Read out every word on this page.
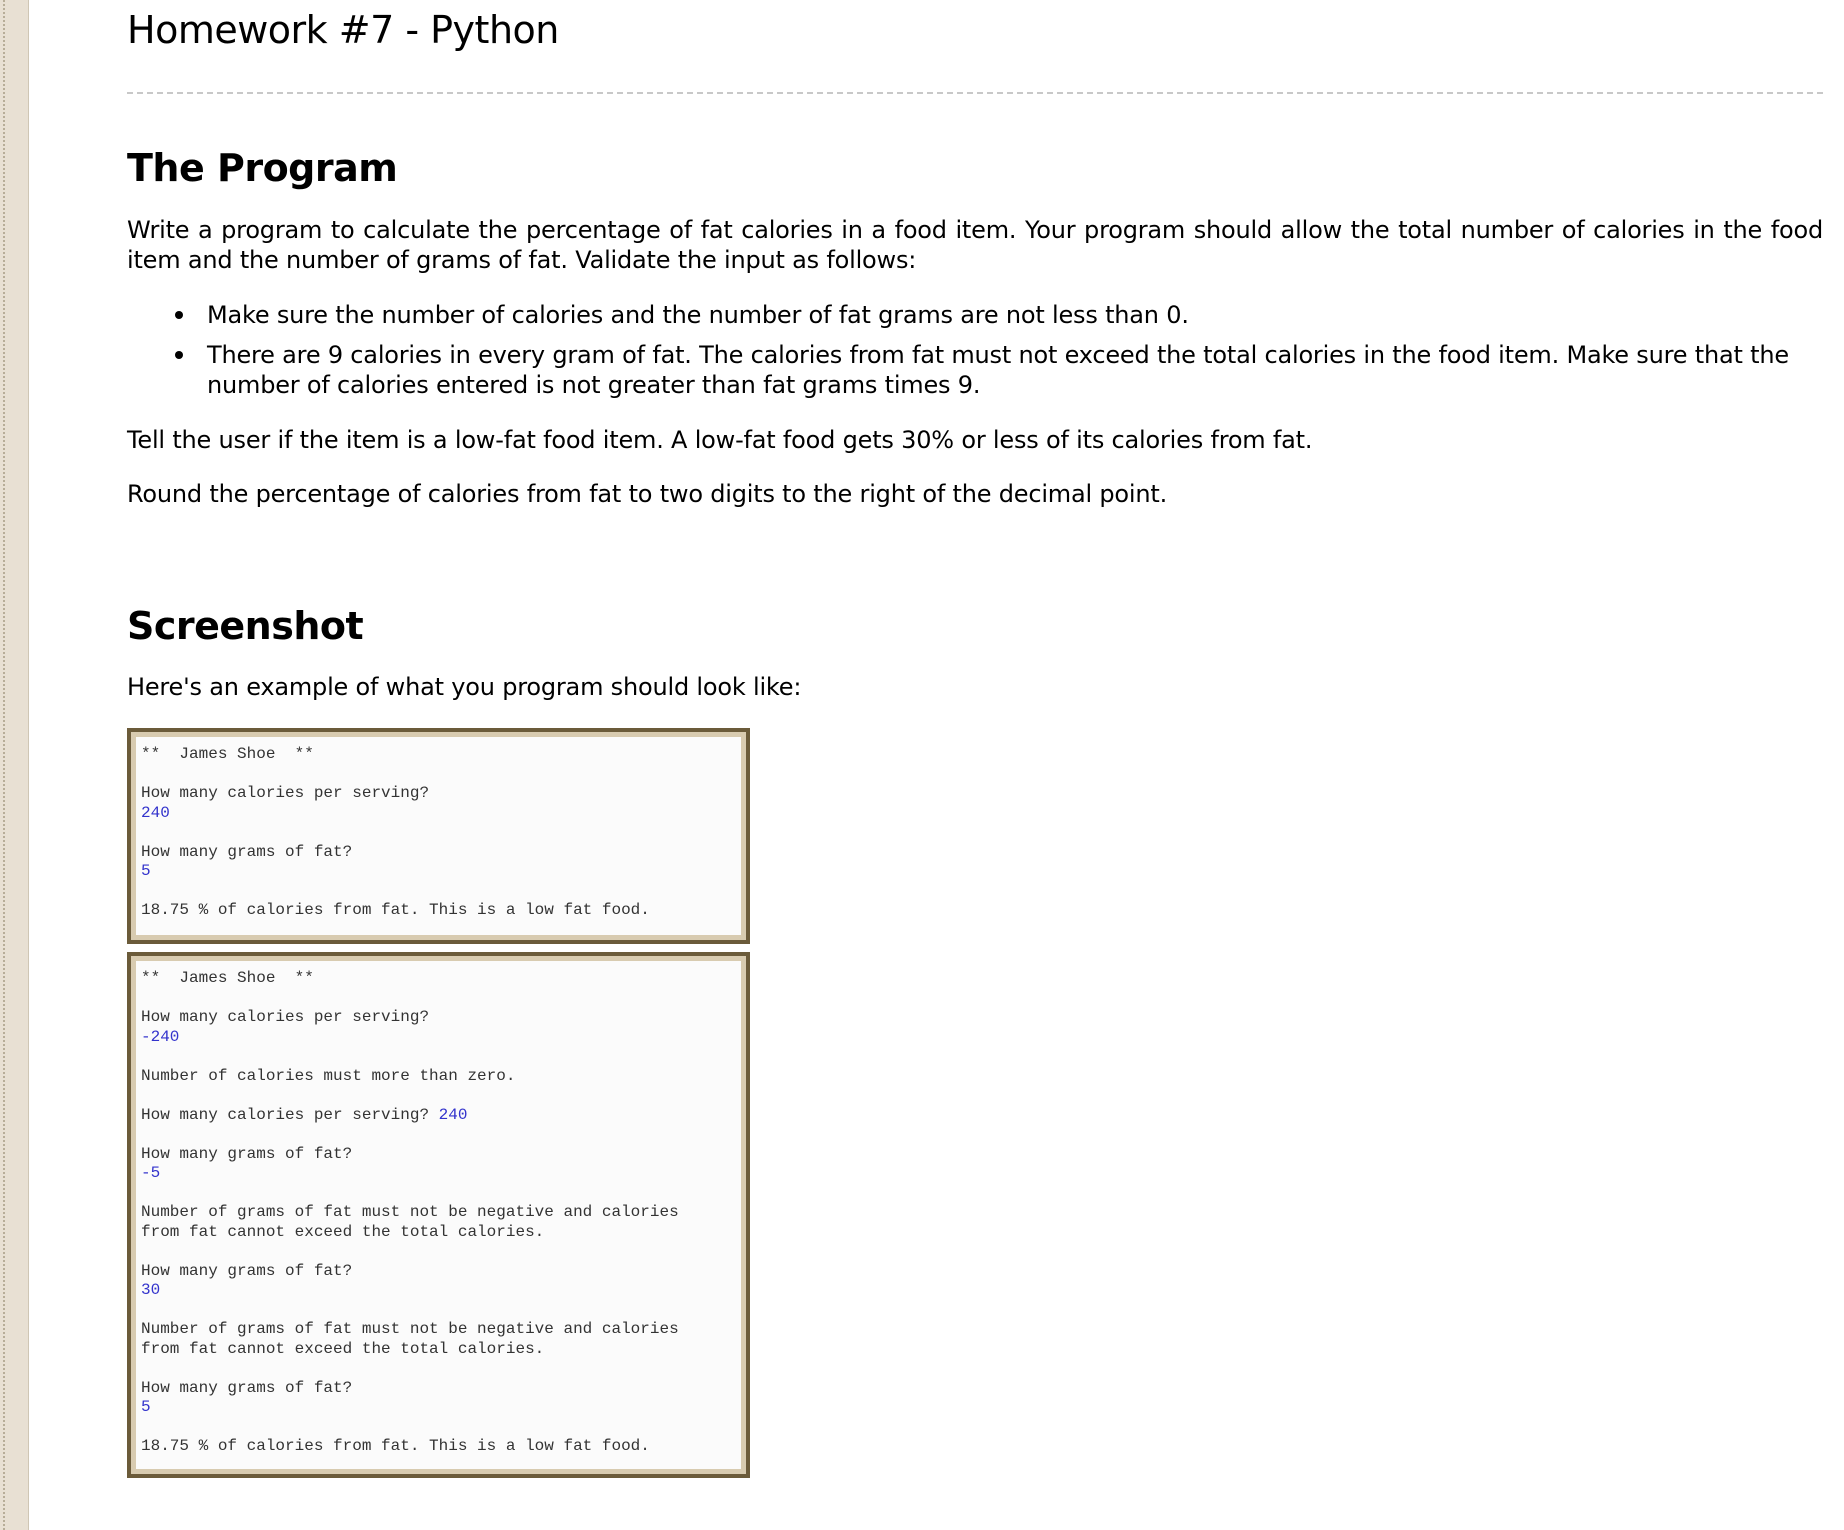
Homework #7 - Python
The Program

Write a program to calculate the percentage of fat calories in a food item. Your program should allow the total number of calories in the food item and the number of grams of fat. Validate the input as follows:

Make sure the number of calories and the number of fat grams are not less than 0.
There are 9 calories in every gram of fat. The calories from fat must not exceed the total calories in the food item. Make sure that the number of calories entered is not greater than fat grams times 9.

Tell the user if the item is a low-fat food item. A low-fat food gets 30% or less of its calories from fat.

Round the percentage of calories from fat to two digits to the right of the decimal point.

Screenshot

Here's an example of what you program should look like:

**  James Shoe  **
How many calories per serving?
240
How many grams of fat?
5
18.75 % of calories from fat. This is a low fat food.
**  James Shoe  **
How many calories per serving?
-240
Number of calories must more than zero.
How many calories per serving? 240
How many grams of fat?
-5
Number of grams of fat must not be negative and calories
from fat cannot exceed the total calories.
How many grams of fat?
30
Number of grams of fat must not be negative and calories
from fat cannot exceed the total calories.
How many grams of fat?
5
18.75 % of calories from fat. This is a low fat food.
